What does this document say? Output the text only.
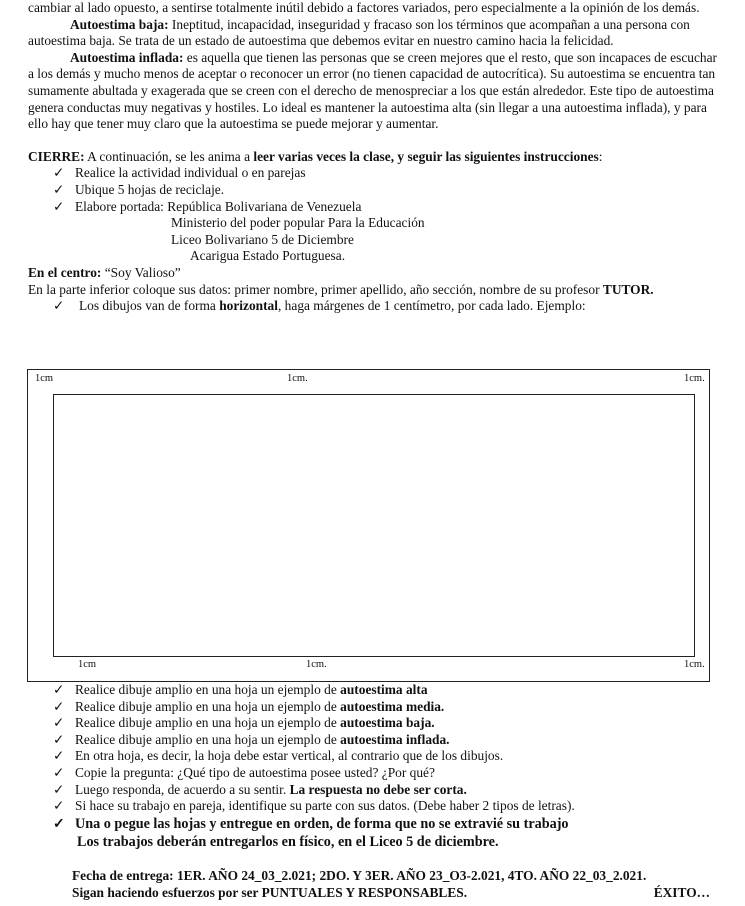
cambiar al lado opuesto, a sentirse totalmente inútil debido a factores variados, pero especialmente a la opinión de los demás.

Autoestima baja: Ineptitud, incapacidad, inseguridad y fracaso son los términos que acompañan a una persona con autoestima baja. Se trata de un estado de autoestima que debemos evitar en nuestro camino hacia la felicidad.

Autoestima inflada: es aquella que tienen las personas que se creen mejores que el resto, que son incapaces de escuchar a los demás y mucho menos de aceptar o reconocer un error (no tienen capacidad de autocrítica). Su autoestima se encuentra tan sumamente abultada y exagerada que se creen con el derecho de menospreciar a los que están alrededor. Este tipo de autoestima genera conductas muy negativas y hostiles. Lo ideal es mantener la autoestima alta (sin llegar a una autoestima inflada), y para ello hay que tener muy claro que la autoestima se puede mejorar y aumentar.

CIERRE: A continuación, se les anima a leer varias veces la clase, y seguir las siguientes instrucciones:

✓ Realice la actividad individual o en parejas
✓ Ubique 5 hojas de reciclaje.
✓ Elabore portada: República Bolivariana de Venezuela

Ministerio del poder popular Para la Educación

Liceo Bolivariano 5 de Diciembre

Acarigua Estado Portuguesa.

En el centro: “Soy Valioso”

En la parte inferior coloque sus datos: primer nombre, primer apellido, año sección, nombre de su profesor TUTOR.

✓ Los dibujos van de forma horizontal, haga márgenes de 1 centímetro, por cada lado. Ejemplo:
1cm	1cm.	1cm.
1cm	1cm.	1cm.
✓ Realice dibuje amplio en una hoja un ejemplo de autoestima alta
✓ Realice dibuje amplio en una hoja un ejemplo de autoestima media.
✓ Realice dibuje amplio en una hoja un ejemplo de autoestima baja.
✓ Realice dibuje amplio en una hoja un ejemplo de autoestima inflada.
✓ En otra hoja, es decir, la hoja debe estar vertical, al contrario que de los dibujos.
✓ Copie la pregunta: ¿Qué tipo de autoestima posee usted? ¿Por qué?
✓ Luego responda, de acuerdo a su sentir. La respuesta no debe ser corta.
✓ Si hace su trabajo en pareja, identifique su parte con sus datos. (Debe haber 2 tipos de letras).
✓ Una o pegue las hojas y entregue en orden, de forma que no se extravié su trabajo

Los trabajos deberán entregarlos en físico, en el Liceo 5 de diciembre.

Fecha de entrega: 1ER. AÑO 24_03_2.021; 2DO. Y 3ER. AÑO 23_O3-2.021, 4TO. AÑO 22_03_2.021.

Sigan haciendo esfuerzos por ser PUNTUALES Y RESPONSABLES.	ÉXITO…
